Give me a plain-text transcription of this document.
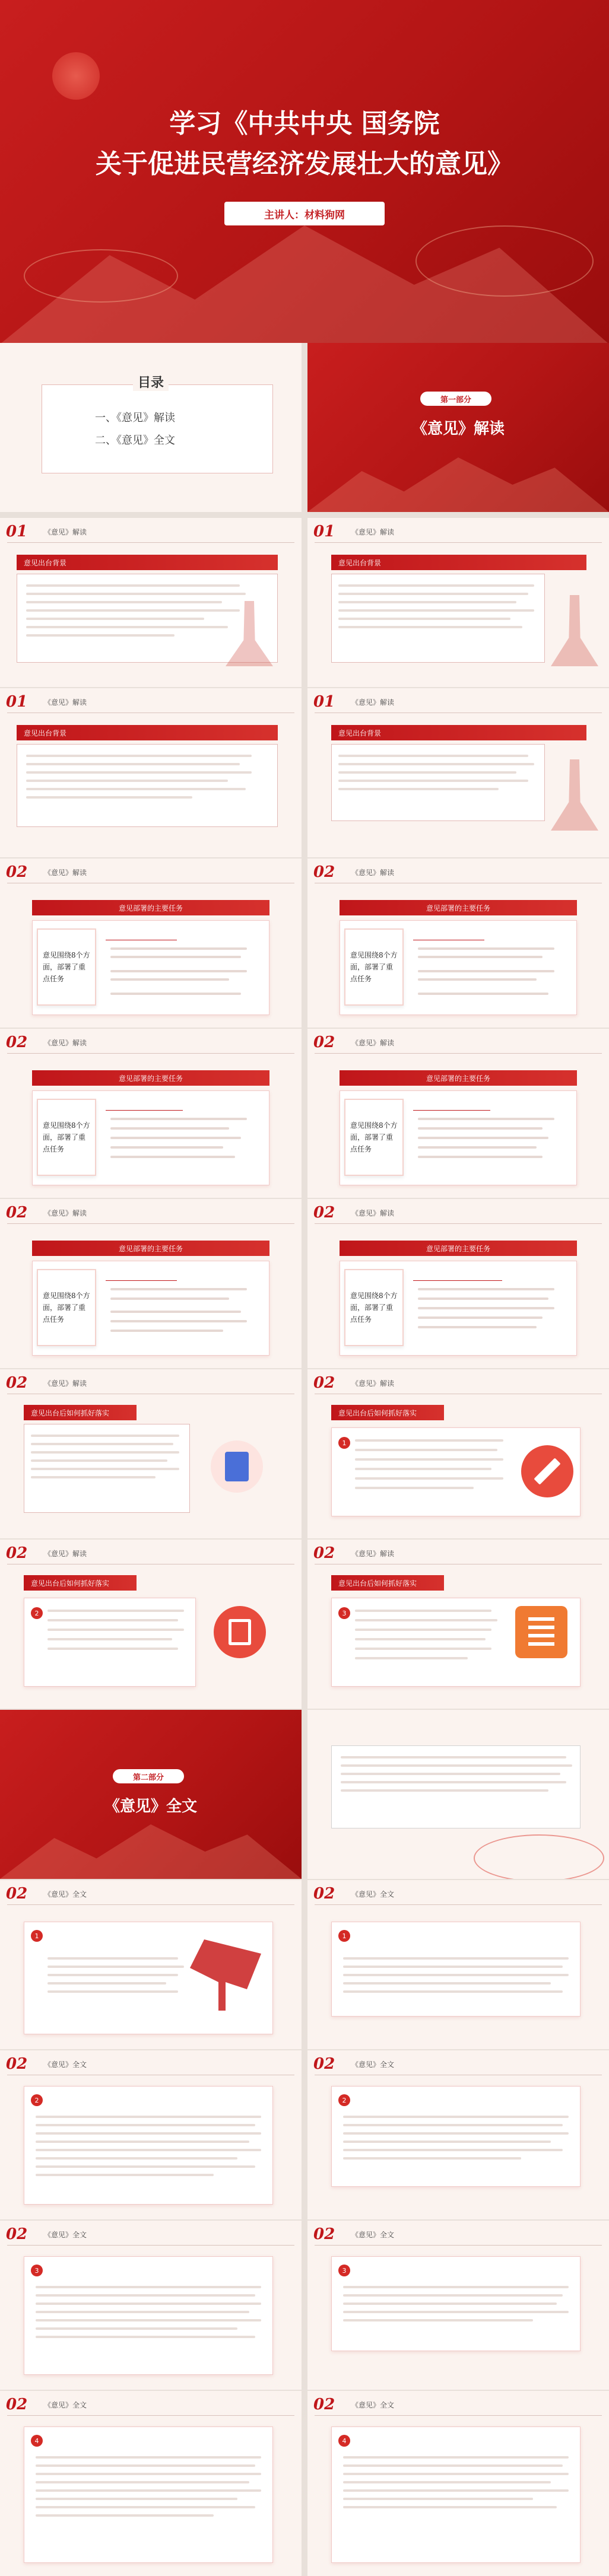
学习《中共中央 国务院
关于促进民营经济发展壮大的意见》
主讲人：材料狗网
目录
一、《意见》解读
二、《意见》全文
第一部分
《意见》解读
01	《意见》解读
意见出台背景
01	《意见》解读
意见出台背景
01	《意见》解读
意见出台背景
01	《意见》解读
意见出台背景
02	《意见》解读
意见部署的主要任务
意见围绕8个方面，部署了重点任务
02	《意见》解读
意见部署的主要任务
意见围绕8个方面，部署了重点任务
02	《意见》解读
意见部署的主要任务
意见围绕8个方面，部署了重点任务
02	《意见》解读
意见部署的主要任务
意见围绕8个方面，部署了重点任务
02	《意见》解读
意见部署的主要任务
意见围绕8个方面，部署了重点任务
02	《意见》解读
意见部署的主要任务
意见围绕8个方面，部署了重点任务
02	《意见》解读
意见出台后如何抓好落实
02	《意见》解读
意见出台后如何抓好落实
1
02	《意见》解读
意见出台后如何抓好落实
2
02	《意见》解读
意见出台后如何抓好落实
3
第二部分
《意见》全文
02	《意见》全文
1
02	《意见》全文
1
02	《意见》全文
2
02	《意见》全文
2
02	《意见》全文
3
02	《意见》全文
3
02	《意见》全文
4
02	《意见》全文
4
